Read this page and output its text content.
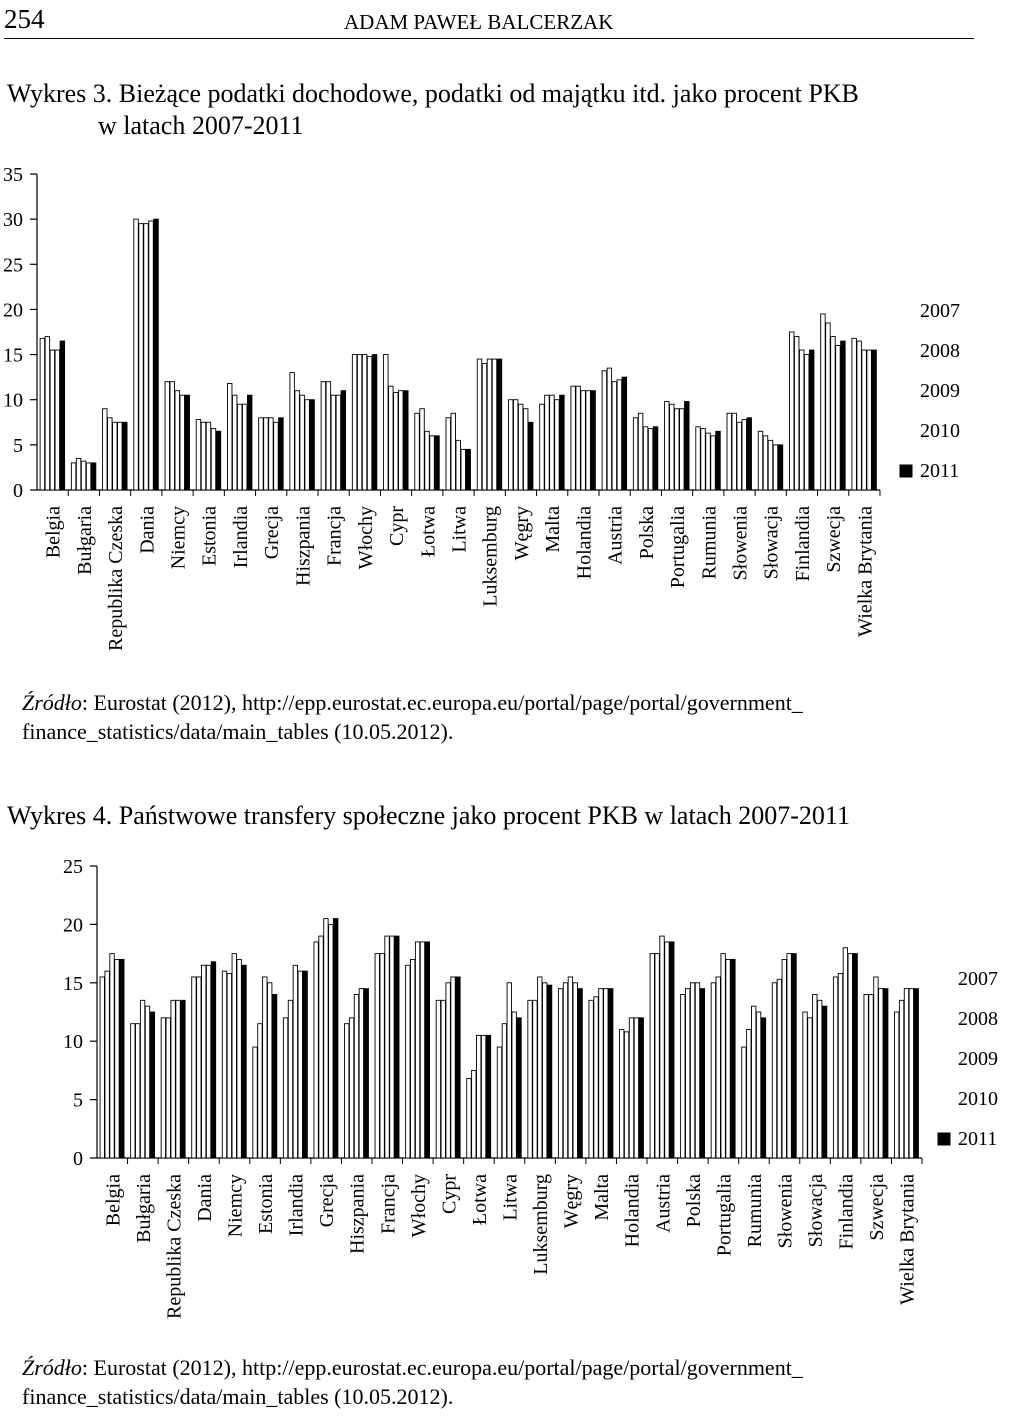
254	ADAM PAWEŁ BALCERZAK
Wykres 3. Bieżące podatki dochodowe, podatki od majątku itd. jako procent PKB
w latach 2007-2011
0
5
10
15
20
25
30
35
Belgia Bułgaria Republika Czeska Dania Niemcy Estonia Irlandia Grecja Hiszpania Francja Włochy Cypr Łotwa Litwa Luksemburg Węgry Malta Holandia Austria Polska Portugalia Rumunia Słowenia Słowacja Finlandia Szwecja Wielka Brytania
2007
2008
2009
2010
2011
Źródło: Eurostat (2012), http://epp.eurostat.ec.europa.eu/portal/page/portal/government_
finance_statistics/data/main_tables (10.05.2012).
Wykres 4. Państwowe transfery społeczne jako procent PKB w latach 2007-2011
0
5
10
15
20
25
Belgia Bułgaria Republika Czeska Dania Niemcy Estonia Irlandia Grecja Hiszpania Francja Włochy Cypr Łotwa Litwa Luksemburg Węgry Malta Holandia Austria Polska Portugalia Rumunia Słowenia Słowacja Finlandia Szwecja Wielka Brytania
2007
2008
2009
2010
2011
Źródło: Eurostat (2012), http://epp.eurostat.ec.europa.eu/portal/page/portal/government_
finance_statistics/data/main_tables (10.05.2012).
